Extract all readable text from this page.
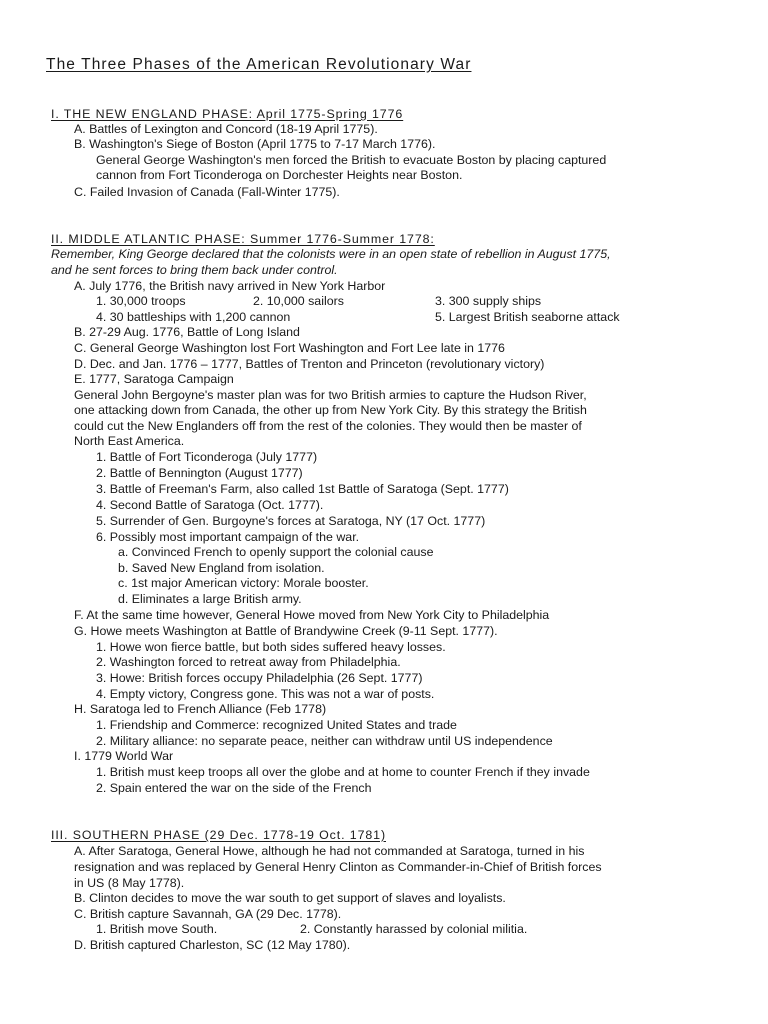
The Three Phases of the American Revolutionary War
I. THE NEW ENGLAND PHASE: April 1775-Spring 1776
A. Battles of Lexington and Concord (18-19 April 1775).
B. Washington's Siege of Boston (April 1775 to 7-17 March 1776).
General George Washington's men forced the British to evacuate Boston by placing captured
cannon from Fort Ticonderoga on Dorchester Heights near Boston.
C. Failed Invasion of Canada (Fall-Winter 1775).
II. MIDDLE ATLANTIC PHASE: Summer 1776-Summer 1778:
Remember, King George declared that the colonists were in an open state of rebellion in August 1775,
and he sent forces to bring them back under control.
A. July 1776, the British navy arrived in New York Harbor
1. 30,000 troops	2. 10,000 sailors	3. 300 supply ships
4. 30 battleships with 1,200 cannon	5. Largest British seaborne attack
B. 27-29 Aug. 1776, Battle of Long Island
C. General George Washington lost Fort Washington and Fort Lee late in 1776
D. Dec. and Jan. 1776 – 1777, Battles of Trenton and Princeton (revolutionary victory)
E. 1777, Saratoga Campaign
General John Bergoyne's master plan was for two British armies to capture the Hudson River,
one attacking down from Canada, the other up from New York City. By this strategy the British
could cut the New Englanders off from the rest of the colonies. They would then be master of
North East America.
1. Battle of Fort Ticonderoga (July 1777)
2. Battle of Bennington (August 1777)
3. Battle of Freeman's Farm, also called 1st Battle of Saratoga (Sept. 1777)
4. Second Battle of Saratoga (Oct. 1777).
5. Surrender of Gen. Burgoyne's forces at Saratoga, NY (17 Oct. 1777)
6. Possibly most important campaign of the war.
a. Convinced French to openly support the colonial cause
b. Saved New England from isolation.
c. 1st major American victory: Morale booster.
d. Eliminates a large British army.
F. At the same time however, General Howe moved from New York City to Philadelphia
G. Howe meets Washington at Battle of Brandywine Creek (9-11 Sept. 1777).
1. Howe won fierce battle, but both sides suffered heavy losses.
2. Washington forced to retreat away from Philadelphia.
3. Howe: British forces occupy Philadelphia (26 Sept. 1777)
4. Empty victory, Congress gone. This was not a war of posts.
H. Saratoga led to French Alliance (Feb 1778)
1. Friendship and Commerce: recognized United States and trade
2. Military alliance: no separate peace, neither can withdraw until US independence
I. 1779 World War
1. British must keep troops all over the globe and at home to counter French if they invade
2. Spain entered the war on the side of the French
III. SOUTHERN PHASE (29 Dec. 1778-19 Oct. 1781)
A. After Saratoga, General Howe, although he had not commanded at Saratoga, turned in his
resignation and was replaced by General Henry Clinton as Commander-in-Chief of British forces
in US (8 May 1778).
B. Clinton decides to move the war south to get support of slaves and loyalists.
C. British capture Savannah, GA (29 Dec. 1778).
1. British move South.	2. Constantly harassed by colonial militia.
D. British captured Charleston, SC (12 May 1780).
